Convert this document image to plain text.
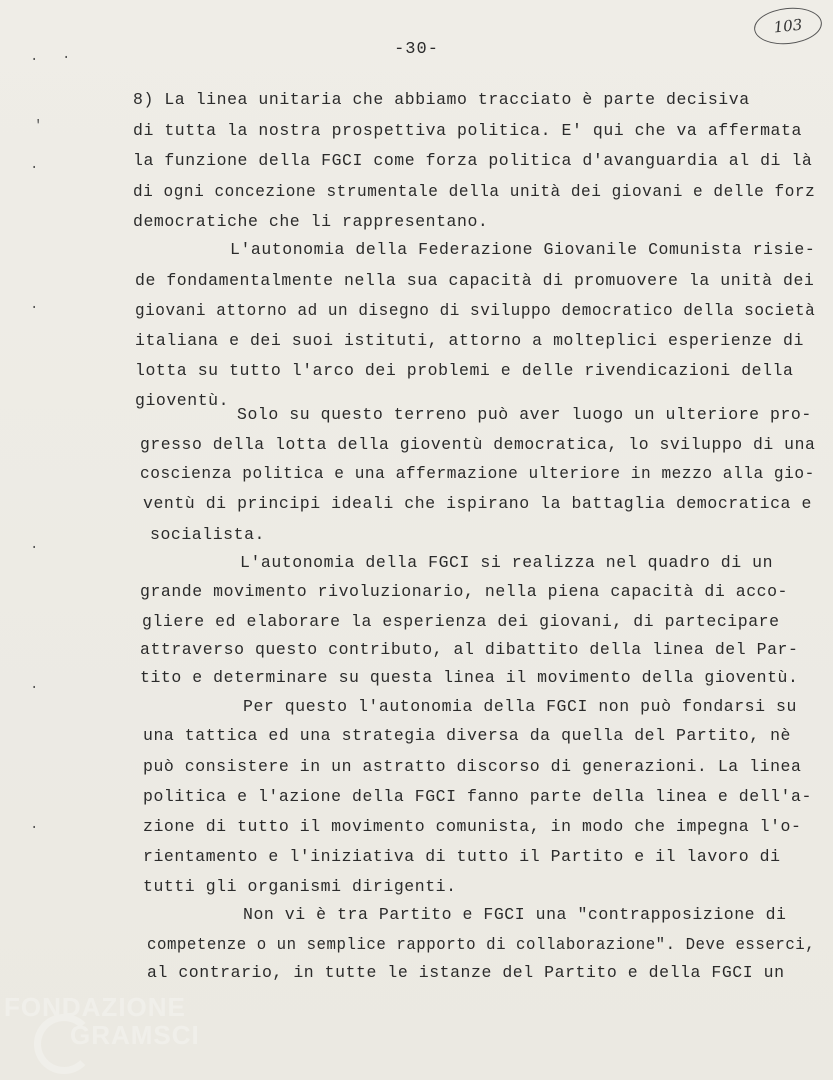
-30-
103
· ·
'
·
·
·
·
·
8) La linea unitaria che abbiamo tracciato è parte decisiva
di tutta la nostra prospettiva politica. E' qui che va affermata
la funzione della FGCI come forza politica d'avanguardia al di là
di ogni concezione strumentale della unità dei giovani e delle forz
democratiche che li rappresentano.
L'autonomia della Federazione Giovanile Comunista risie-
de fondamentalmente nella sua capacità di promuovere la unità dei
giovani attorno ad un disegno di sviluppo democratico della società
italiana e dei suoi istituti, attorno a molteplici esperienze di
lotta su tutto l'arco dei problemi e delle rivendicazioni della
gioventù.
Solo su questo terreno può aver luogo un ulteriore pro-
gresso della lotta della gioventù democratica, lo sviluppo di una
coscienza politica e una affermazione ulteriore in mezzo alla gio-
ventù di principi ideali che ispirano la battaglia democratica e
socialista.
L'autonomia della FGCI si realizza nel quadro di un
grande movimento rivoluzionario, nella piena capacità di acco-
gliere ed elaborare la esperienza dei giovani, di partecipare
attraverso questo contributo, al dibattito della linea del Par-
tito e determinare su questa linea il movimento della gioventù.
Per questo l'autonomia della FGCI non può fondarsi su
una tattica ed una strategia diversa da quella del Partito, nè
può consistere in un astratto discorso di generazioni. La linea
politica e l'azione della FGCI fanno parte della linea e dell'a-
zione di tutto il movimento comunista, in modo che impegna l'o-
rientamento e l'iniziativa di tutto il Partito e il lavoro di
tutti gli organismi dirigenti.
Non vi è tra Partito e FGCI una "contrapposizione di
competenze o un semplice rapporto di collaborazione". Deve esserci,
al contrario, in tutte le istanze del Partito e della FGCI un
FONDAZIONE
GRAMSCI
